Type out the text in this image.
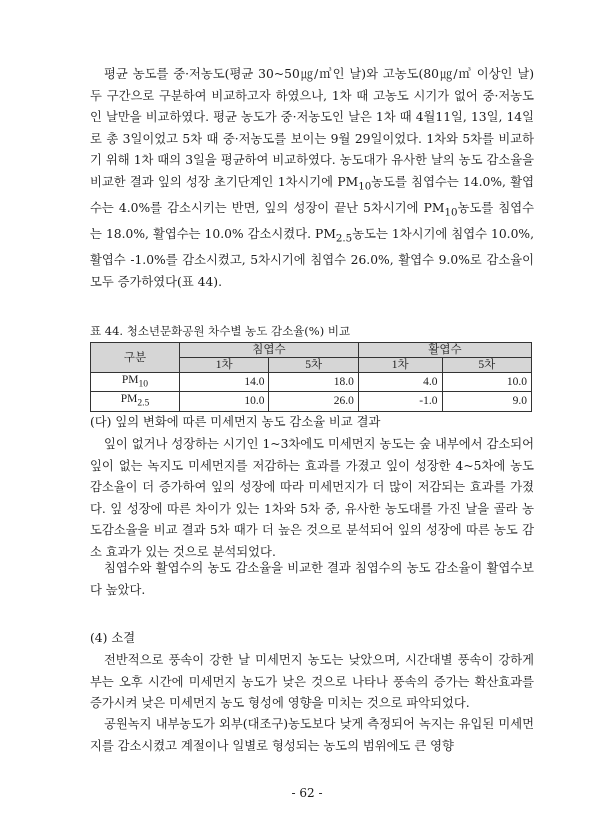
평균 농도를 중·저농도(평균 30~50㎍/㎥인 날)와 고농도(80㎍/㎥ 이상인 날) 두 구간으로 구분하여 비교하고자 하였으나, 1차 때 고농도 시기가 없어 중·저농도인 날만을 비교하였다. 평균 농도가 중·저농도인 날은 1차 때 4월11일, 13일, 14일로 총 3일이었고 5차 때 중·저농도를 보이는 9월 29일이었다. 1차와 5차를 비교하기 위해 1차 때의 3일을 평균하여 비교하였다. 농도대가 유사한 날의 농도 감소율을 비교한 결과 잎의 성장 초기단계인 1차시기에 $PM_{10}$농도를 침엽수는 14.0%, 활엽수는 4.0%를 감소시키는 반면, 잎의 성장이 끝난 5차시기에 $PM_{10}$농도를 침엽수는 18.0%, 활엽수는 10.0% 감소시켰다. $PM_{2.5}$농도는 1차시기에 침엽수 10.0%, 활엽수 -1.0%를 감소시켰고, 5차시기에 침엽수 26.0%, 활엽수 9.0%로 감소율이 모두 증가하였다(표 44).

표 44. 청소년문화공원 차수별 농도 감소율(%) 비교

구분	침엽수		활엽수	
	1차	5차	1차	5차
$PM_{10}$	14.0	18.0	4.0	10.0
$PM_{2.5}$	10.0	26.0	-1.0	9.0

(다) 잎의 변화에 따른 미세먼지 농도 감소율 비교 결과

잎이 없거나 성장하는 시기인 1~3차에도 미세먼지 농도는 숲 내부에서 감소되어 잎이 없는 녹지도 미세먼지를 저감하는 효과를 가졌고 잎이 성장한 4~5차에 농도 감소율이 더 증가하여 잎의 성장에 따라 미세먼지가 더 많이 저감되는 효과를 가졌다. 잎 성장에 따른 차이가 있는 1차와 5차 중, 유사한 농도대를 가진 날을 골라 농도감소율을 비교 결과 5차 때가 더 높은 것으로 분석되어 잎의 성장에 따른 농도 감소 효과가 있는 것으로 분석되었다.

침엽수와 활엽수의 농도 감소율을 비교한 결과 침엽수의 농도 감소율이 활엽수보다 높았다.

(4) 소결

전반적으로 풍속이 강한 날 미세먼지 농도는 낮았으며, 시간대별 풍속이 강하게 부는 오후 시간에 미세먼지 농도가 낮은 것으로 나타나 풍속의 증가는 확산효과를 증가시켜 낮은 미세먼지 농도 형성에 영향을 미치는 것으로 파악되었다.

공원녹지 내부농도가 외부(대조구)농도보다 낮게 측정되어 녹지는 유입된 미세먼지를 감소시켰고 계절이나 일별로 형성되는 농도의 범위에도 큰 영향

- 62 -
